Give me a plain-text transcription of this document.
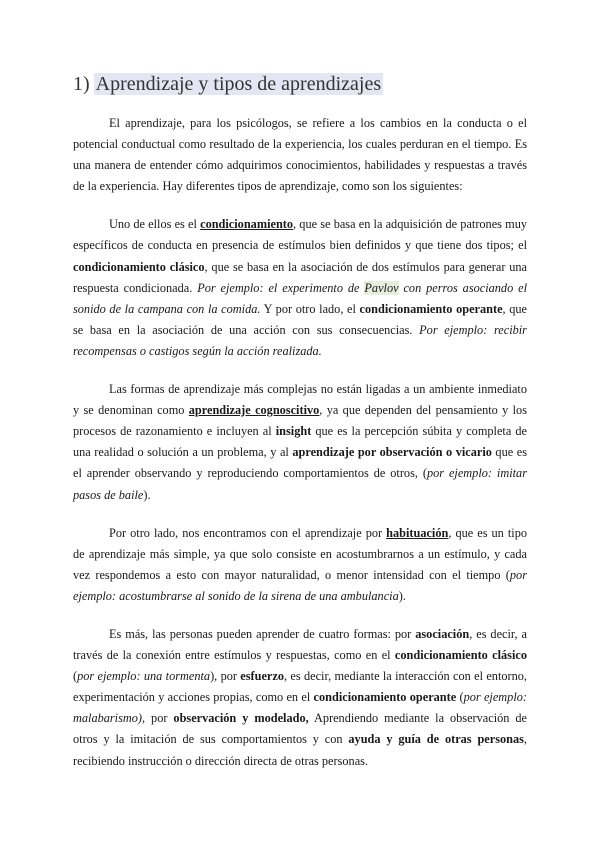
1) Aprendizaje y tipos de aprendizajes

El aprendizaje, para los psicólogos, se refiere a los cambios en la conducta o el potencial conductual como resultado de la experiencia, los cuales perduran en el tiempo. Es una manera de entender cómo adquirimos conocimientos, habilidades y respuestas a través de la experiencia. Hay diferentes tipos de aprendizaje, como son los siguientes:

Uno de ellos es el condicionamiento, que se basa en la adquisición de patrones muy específicos de conducta en presencia de estímulos bien definidos y que tiene dos tipos; el condicionamiento clásico, que se basa en la asociación de dos estímulos para generar una respuesta condicionada. Por ejemplo: el experimento de Pavlov con perros asociando el sonido de la campana con la comida. Y por otro lado, el condicionamiento operante, que se basa en la asociación de una acción con sus consecuencias. Por ejemplo: recibir recompensas o castigos según la acción realizada.

Las formas de aprendizaje más complejas no están ligadas a un ambiente inmediato y se denominan como aprendizaje cognoscitivo, ya que dependen del pensamiento y los procesos de razonamiento e incluyen al insight que es la percepción súbita y completa de una realidad o solución a un problema, y al aprendizaje por observación o vicario que es el aprender observando y reproduciendo comportamientos de otros, (por ejemplo: imitar pasos de baile).

Por otro lado, nos encontramos con el aprendizaje por habituación, que es un tipo de aprendizaje más simple, ya que solo consiste en acostumbrarnos a un estímulo, y cada vez respondemos a esto con mayor naturalidad, o menor intensidad con el tiempo (por ejemplo: acostumbrarse al sonido de la sirena de una ambulancia).

Es más, las personas pueden aprender de cuatro formas: por asociación, es decir, a través de la conexión entre estímulos y respuestas, como en el condicionamiento clásico (por ejemplo: una tormenta), por esfuerzo, es decir, mediante la interacción con el entorno, experimentación y acciones propias, como en el condicionamiento operante (por ejemplo: malabarismo), por observación y modelado, Aprendiendo mediante la observación de otros y la imitación de sus comportamientos y con ayuda y guía de otras personas, recibiendo instrucción o dirección directa de otras personas.
